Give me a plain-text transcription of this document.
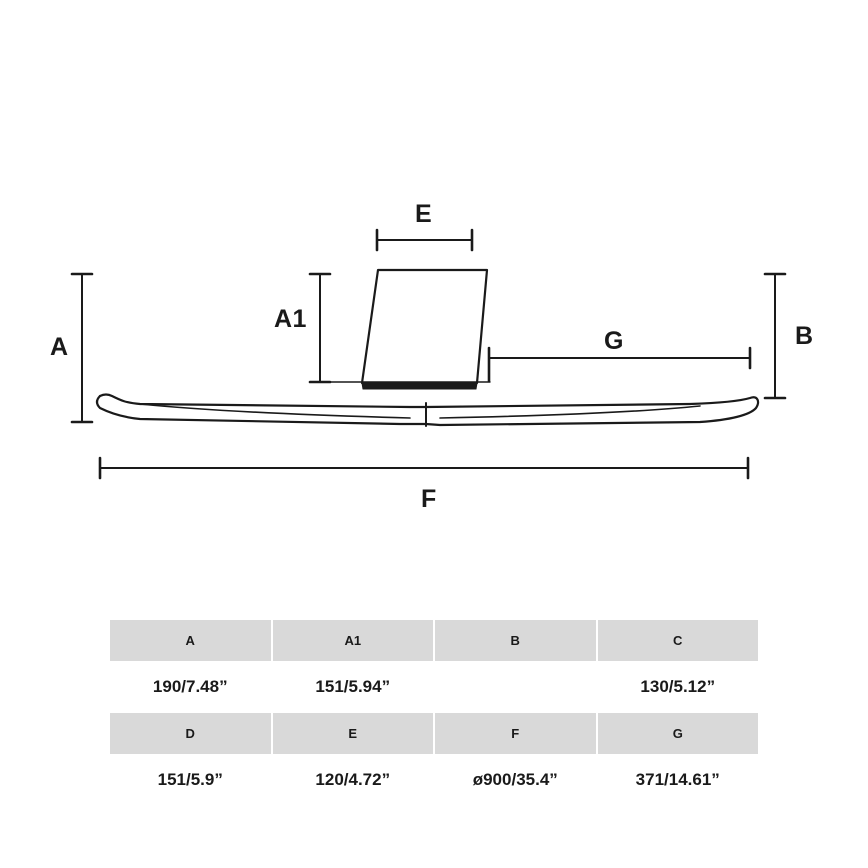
A
A1
B
E
F
G
A	A1	B	C
190/7.48”	151/5.94”		130/5.12”
D	E	F	G
151/5.9”	120/4.72”	ø900/35.4”	371/14.61”
